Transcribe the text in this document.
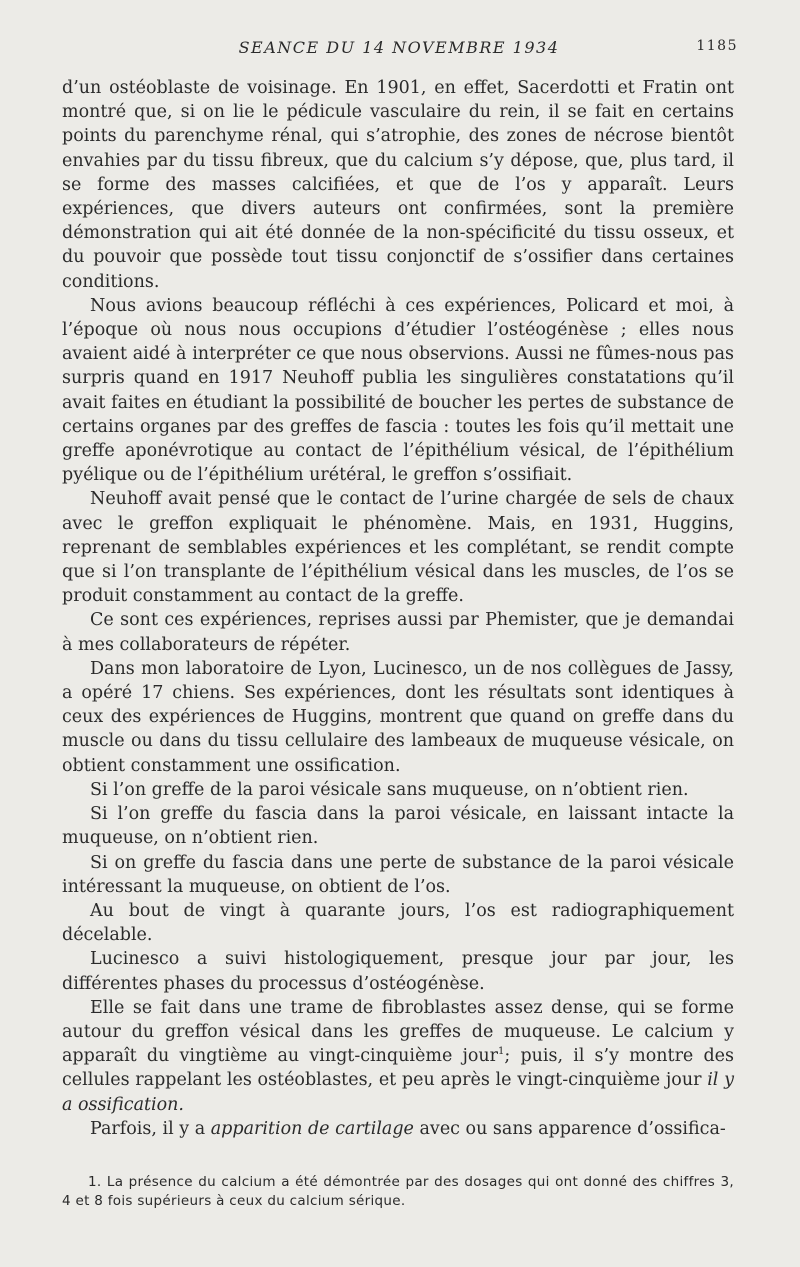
SEANCE DU 14 NOVEMBRE 1934	1185

d’un ostéoblaste de voisinage. En 1901, en effet, Sacerdotti et Fratin ont montré que, si on lie le pédicule vasculaire du rein, il se fait en certains points du parenchyme rénal, qui s’atrophie, des zones de nécrose bientôt envahies par du tissu fibreux, que du calcium s’y dépose, que, plus tard, il se forme des masses calcifiées, et que de l’os y apparaît. Leurs expériences, que divers auteurs ont confirmées, sont la première démonstration qui ait été donnée de la non-spécificité du tissu osseux, et du pouvoir que possède tout tissu conjonctif de s’ossifier dans certaines conditions.

Nous avions beaucoup réfléchi à ces expériences, Policard et moi, à l’époque où nous nous occupions d’étudier l’ostéogénèse ; elles nous avaient aidé à interpréter ce que nous observions. Aussi ne fûmes-nous pas surpris quand en 1917 Neuhoff publia les singulières constatations qu’il avait faites en étudiant la possibilité de boucher les pertes de substance de certains organes par des greffes de fascia : toutes les fois qu’il mettait une greffe aponévrotique au contact de l’épithélium vésical, de l’épithélium pyélique ou de l’épithélium urétéral, le greffon s’ossifiait.

Neuhoff avait pensé que le contact de l’urine chargée de sels de chaux avec le greffon expliquait le phénomène. Mais, en 1931, Huggins, reprenant de semblables expériences et les complétant, se rendit compte que si l’on transplante de l’épithélium vésical dans les muscles, de l’os se produit constamment au contact de la greffe.

Ce sont ces expériences, reprises aussi par Phemister, que je demandai à mes collaborateurs de répéter.

Dans mon laboratoire de Lyon, Lucinesco, un de nos collègues de Jassy, a opéré 17 chiens. Ses expériences, dont les résultats sont identiques à ceux des expériences de Huggins, montrent que quand on greffe dans du muscle ou dans du tissu cellulaire des lambeaux de muqueuse vésicale, on obtient constamment une ossification.

Si l’on greffe de la paroi vésicale sans muqueuse, on n’obtient rien.

Si l’on greffe du fascia dans la paroi vésicale, en laissant intacte la muqueuse, on n’obtient rien.

Si on greffe du fascia dans une perte de substance de la paroi vésicale intéressant la muqueuse, on obtient de l’os.

Au bout de vingt à quarante jours, l’os est radiographiquement décelable.

Lucinesco a suivi histologiquement, presque jour par jour, les différentes phases du processus d’ostéogénèse.

Elle se fait dans une trame de fibroblastes assez dense, qui se forme autour du greffon vésical dans les greffes de muqueuse. Le calcium y apparaît du vingtième au vingt-cinquième jour$^1$; puis, il s’y montre des cellules rappelant les ostéoblastes, et peu après le vingt-cinquième jour il y a ossification.

Parfois, il y a apparition de cartilage avec ou sans apparence d’ossifica-

1. La présence du calcium a été démontrée par des dosages qui ont donné des chiffres 3, 4 et 8 fois supérieurs à ceux du calcium sérique.
